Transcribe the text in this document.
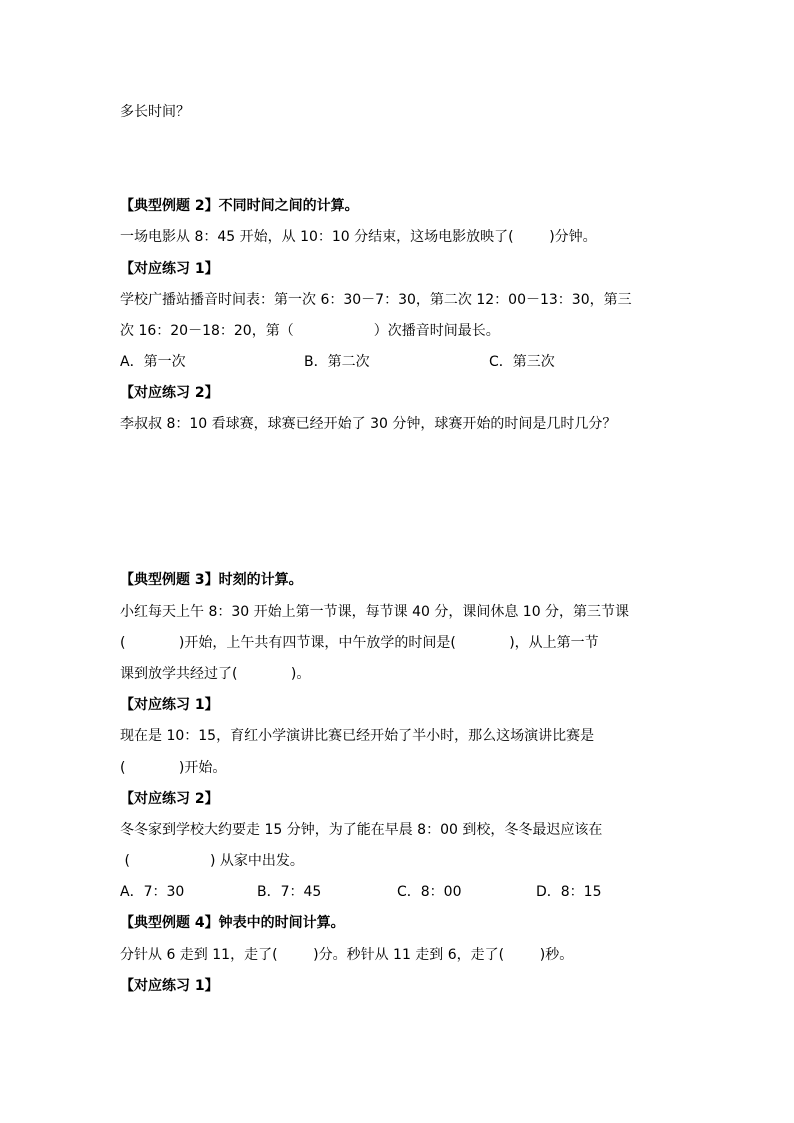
多长时间？
【典型例题 2】不同时间之间的计算。
一场电影从 8：45 开始，从 10：10 分结束，这场电影放映了(        )分钟。
【对应练习 1】
学校广播站播音时间表：第一次 6：30－7：30，第二次 12：00－13：30，第三
次 16：20－18：20，第（                  ）次播音时间最长。
A．第一次	B．第二次	C．第三次
【对应练习 2】
李叔叔 8：10 看球赛，球赛已经开始了 30 分钟，球赛开始的时间是几时几分？
【典型例题 3】时刻的计算。
小红每天上午 8：30 开始上第一节课，每节课 40 分，课间休息 10 分，第三节课
(            )开始，上午共有四节课，中午放学的时间是(            )，从上第一节
课到放学共经过了(            )。
【对应练习 1】
现在是 10：15，育红小学演讲比赛已经开始了半小时，那么这场演讲比赛是
(            )开始。
【对应练习 2】
冬冬家到学校大约要走 15 分钟，为了能在早晨 8：00 到校，冬冬最迟应该在
(                  ) 从家中出发。
A．7：30	B．7：45	C．8：00	D．8：15
【典型例题 4】钟表中的时间计算。
分针从 6 走到 11，走了(        )分。秒针从 11 走到 6，走了(        )秒。
【对应练习 1】
